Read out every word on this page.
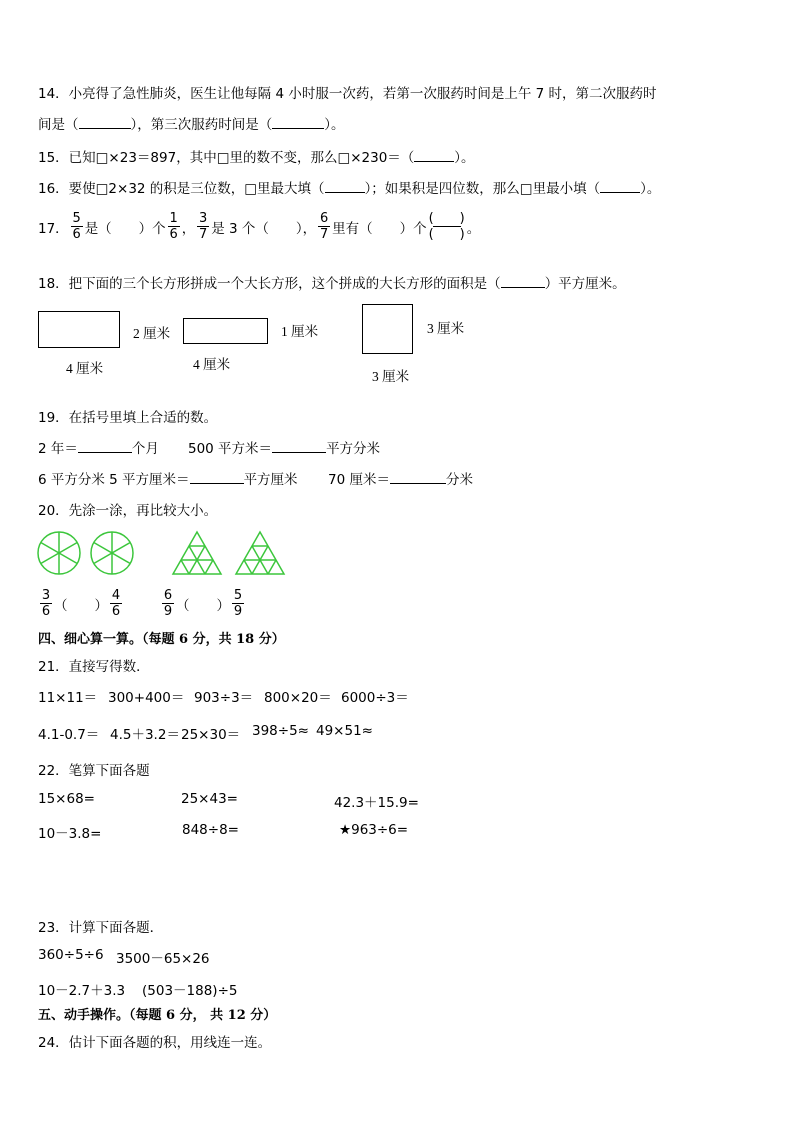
14．小亮得了急性肺炎，医生让他每隔 4 小时服一次药，若第一次服药时间是上午 7 时，第二次服药时
间是（	），第三次服药时间是（	）。
15．已知□×23＝897，其中□里的数不变，那么□×230＝（	）。
16．要使□2×32 的积是三位数，□里最大填（	）；如果积是四位数，那么□里最小填（	）。
17． $\frac{5}{6}$ 是（　　）个 $\frac{1}{6}$ ， $\frac{3}{7}$ 是 3 个（　　）， $\frac{6}{7}$ 里有（　　）个 $\frac{( )}{( )}$ 。
18．把下面的三个长方形拼成一个大长方形，这个拼成的大长方形的面积是（	）平方厘米。
2 厘米
4 厘米
1 厘米
4 厘米
3 厘米
3 厘米
19．在括号里填上合适的数。
2 年＝	个月 500 平方米＝	平方分米
6 平方分米 5 平方厘米＝	平方厘米 70 厘米＝	分米
20．先涂一涂，再比较大小。
$\frac{3}{6}$ （　　） $\frac{4}{6}$	$\frac{6}{9}$ （　　） $\frac{5}{9}$
四、细心算一算。（每题 6 分，共 18 分）
21．直接写得数．
11×11＝ 300+400＝ 903÷3＝ 800×20＝ 6000÷3＝
4.1-0.7＝ 4.5＋3.2＝ 25×30＝ 398÷5≈ 49×51≈
22．笔算下面各题
15×68=	25×43=	42.3＋15.9=
10－3.8=	848÷8=	★963÷6=
23．计算下面各题．
360÷5÷6 3500－65×26
10－2.7＋3.3 (503－188)÷5
五、动手操作。（每题 6 分， 共 12 分）
24．估计下面各题的积，用线连一连。
